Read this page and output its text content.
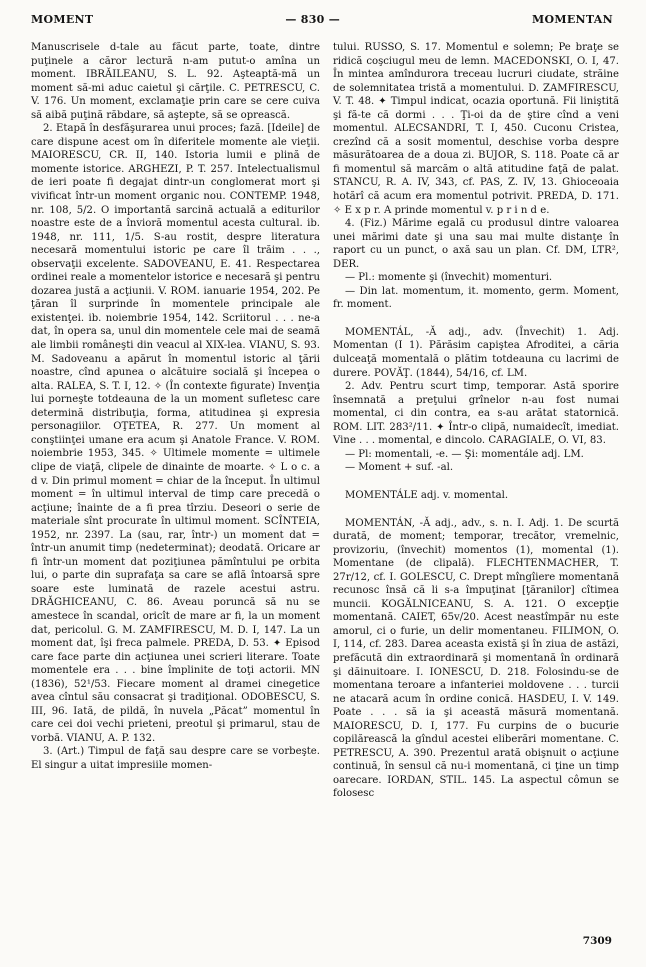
MOMENT	— 830 —	MOMENTAN

Manuscrisele d-tale au făcut parte, toate, dintre puţinele a căror lectură n-am putut-o amîna un moment. IBRĂILEANU, S. L. 92. Aşteaptă-mă un moment să-mi aduc caietul şi cărţile. C. PETRESCU, C. V. 176. Un moment, exclamaţie prin care se cere cuiva să aibă puţină răbdare, să aştepte, să se oprească.

2. Etapă în desfăşurarea unui proces; fază. [Ideile] de care dispune acest om în diferitele momente ale vieţii. MAIORESCU, CR. II, 140. Istoria lumii e plină de momente istorice. ARGHEZI, P. T. 257. Intelectualismul de ieri poate fi degajat dintr-un conglomerat mort şi vivificat într-un moment organic nou. CONTEMP. 1948, nr. 108, 5/2. O importantă sarcină actuală a editurilor noastre este de a învioră momentul acesta cultural. ib. 1948, nr. 111, 1/5. S-au rostit, despre literatura necesară momentului istoric pe care îl trăim . . ., observaţii excelente. SADOVEANU, E. 41. Respectarea ordinei reale a momentelor istorice e necesară şi pentru dozarea justă a acţiunii. V. ROM. ianuarie 1954, 202. Pe ţăran îl surprinde în momentele principale ale existenţei. ib. noiembrie 1954, 142. Scriitorul . . . ne-a dat, în opera sa, unul din momentele cele mai de seamă ale limbii româneşti din veacul al XIX-lea. VIANU, S. 93. M. Sadoveanu a apărut în momentul istoric al ţării noastre, cînd apunea o alcătuire socială şi începea o alta. RALEA, S. T. I, 12. ✧ (În contexte figurate) Invenţia lui porneşte totdeauna de la un moment sufletesc care determină distribuţia, forma, atitudinea şi expresia personagiilor. OŢETEA, R. 277. Un moment al conştiinţei umane era acum şi Anatole France. V. ROM. noiembrie 1953, 345. ✧ Ultimele momente = ultimele clipe de viaţă, clipele de dinainte de moarte. ✧ L o c. a d v. Din primul moment = chiar de la început. În ultimul moment = în ultimul interval de timp care precedă o acţiune; înainte de a fi prea tîrziu. Deseori o serie de materiale sînt procurate în ultimul moment. SCÎNTEIA, 1952, nr. 2397. La (sau, rar, într-) un moment dat = într-un anumit timp (nedeterminat); deodată. Oricare ar fi într-un moment dat poziţiunea pămîntului pe orbita lui, o parte din suprafaţa sa care se află întoarsă spre soare este luminată de razele acestui astru. DRĂGHICEANU, C. 86. Aveau poruncă să nu se amestece în scandal, oricît de mare ar fi, la un moment dat, pericolul. G. M. ZAMFIRESCU, M. D. I, 147. La un moment dat, îşi freca palmele. PREDA, D. 53. ✦ Episod care face parte din acţiunea unei scrieri literare. Toate momentele era . . . bine împlinite de toţi actorii. MN (1836), 52¹/53. Fiecare moment al dramei cinegetice avea cîntul său consacrat şi tradiţional. ODOBESCU, S. III, 96. Iată, de pildă, în nuvela „Păcat” momentul în care cei doi vechi prieteni, preotul şi primarul, stau de vorbă. VIANU, A. P. 132.

3. (Art.) Timpul de faţă sau despre care se vorbeşte. El singur a uitat impresiile momen-

tului. RUSSO, S. 17. Momentul e solemn; Pe braţe se ridică coşciugul meu de lemn. MACEDONSKI, O. I, 47. În mintea amîndurora treceau lucruri ciudate, străine de solemnitatea tristă a momentului. D. ZAMFIRESCU, V. T. 48. ✦ Timpul indicat, ocazia oportună. Fii liniştită şi fă-te că dormi . . . Ţi-oi da de ştire cînd a veni momentul. ALECSANDRI, T. I, 450. Cuconu Cristea, crezînd că a sosit momentul, deschise vorba despre măsurătoarea de a doua zi. BUJOR, S. 118. Poate că ar fi momentul să marcăm o altă atitudine faţă de palat. STANCU, R. A. IV, 343, cf. PAS, Z. IV, 13. Ghioceoaia hotărî că acum era momentul potrivit. PREDA, D. 171. ✧ E x p r. A prinde momentul v. p r i n d e.

4. (Fiz.) Mărime egală cu produsul dintre valoarea unei mărimi date şi una sau mai multe distanţe în raport cu un punct, o axă sau un plan. Cf. DM, LTR², DER.

— Pl.: momente şi (învechit) momenturi.

— Din lat. momentum, it. momento, germ. Moment, fr. moment.

MOMENTÁL, -Ă adj., adv. (Învechit) 1. Adj. Momentan (I 1). Părăsim capiştea Afroditei, a căria dulceaţă momentală o plătim totdeauna cu lacrimi de durere. POVĂŢ. (1844), 54/16, cf. LM.

2. Adv. Pentru scurt timp, temporar. Astă sporire însemnată a preţului grînelor n-au fost numai momental, ci din contra, ea s-au arătat statornică. ROM. LIT. 283²/11. ✦ Într-o clipă, numaidecît, imediat. Vine . . . momental, e dincolo. CARAGIALE, O. VI, 83.

— Pl: momentali, -e. — Şi: momentále adj. LM.

— Moment + suf. -al.

MOMENTÁLE adj. v. momental.

MOMENTÁN, -Ă adj., adv., s. n. I. Adj. 1. De scurtă durată, de moment; temporar, trecător, vremelnic, provizoriu, (învechit) momentos (1), momental (1). Momentane (de clipală). FLECHTENMACHER, T. 27r/12, cf. I. GOLESCU, C. Drept mîngîiere momentană recunosc însă că li s-a împuţinat [ţăranilor] cîtimea muncii. KOGĂLNICEANU, S. A. 121. O excepţie momentană. CAIET, 65v/20. Acest neastîmpăr nu este amorul, ci o furie, un delir momentaneu. FILIMON, O. I, 114, cf. 283. Darea aceasta există şi în ziua de astăzi, prefăcută din extraordinară şi momentană în ordinară şi dăinuitoare. I. IONESCU, D. 218. Folosindu-se de momentana teroare a infanteriei moldovene . . . turcii ne atacară acum în ordine conică. HASDEU, I. V. 149. Poate . . . să ia şi această măsură momentană. MAIORESCU, D. I, 177. Fu curpins de o bucurie copilărească la gîndul acestei eliberări momentane. C. PETRESCU, A. 390. Prezentul arată obişnuit o acţiune continuă, în sensul că nu-i momentană, ci ţine un timp oarecare. IORDAN, STIL. 145. La aspectul cômun se folosesc

7309
